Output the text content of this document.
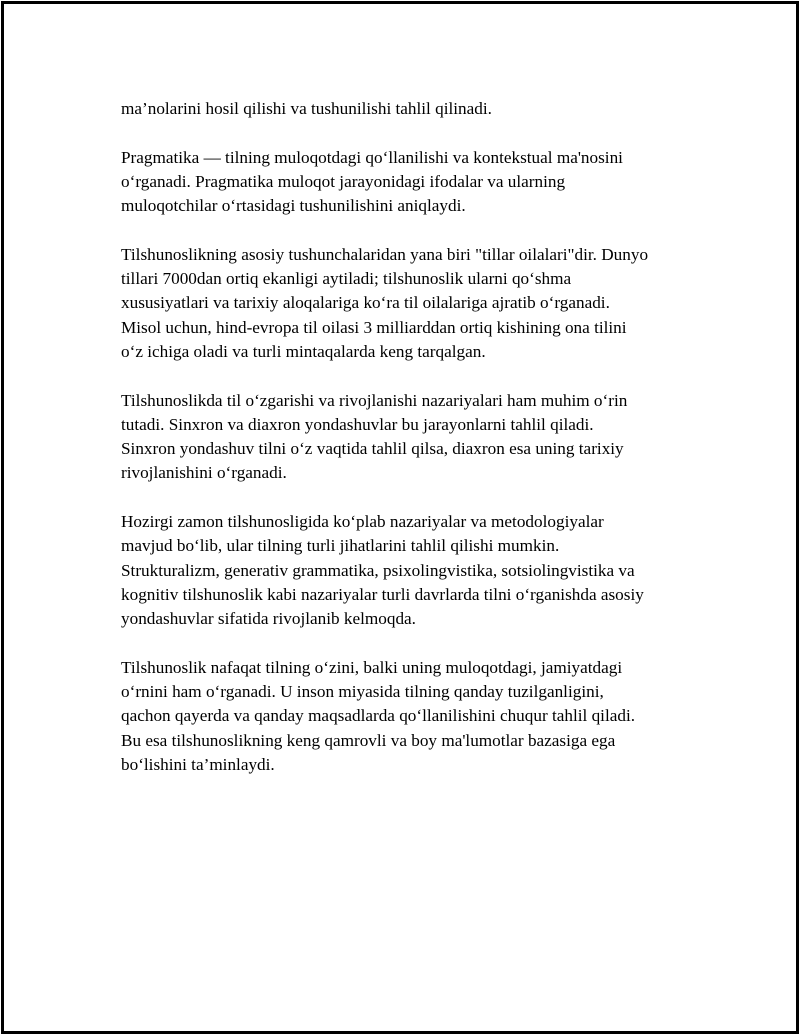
ma’nolarini hosil qilishi va tushunilishi tahlil qilinadi.

Pragmatika — tilning muloqotdagi qo‘llanilishi va kontekstual ma'nosini
o‘rganadi. Pragmatika muloqot jarayonidagi ifodalar va ularning
muloqotchilar o‘rtasidagi tushunilishini aniqlaydi.

Tilshunoslikning asosiy tushunchalaridan yana biri "tillar oilalari"dir. Dunyo
tillari 7000dan ortiq ekanligi aytiladi; tilshunoslik ularni qo‘shma
xususiyatlari va tarixiy aloqalariga ko‘ra til oilalariga ajratib o‘rganadi.
Misol uchun, hind-evropa til oilasi 3 milliarddan ortiq kishining ona tilini
o‘z ichiga oladi va turli mintaqalarda keng tarqalgan.

Tilshunoslikda til o‘zgarishi va rivojlanishi nazariyalari ham muhim o‘rin
tutadi. Sinxron va diaxron yondashuvlar bu jarayonlarni tahlil qiladi.
Sinxron yondashuv tilni o‘z vaqtida tahlil qilsa, diaxron esa uning tarixiy
rivojlanishini o‘rganadi.

Hozirgi zamon tilshunosligida ko‘plab nazariyalar va metodologiyalar
mavjud bo‘lib, ular tilning turli jihatlarini tahlil qilishi mumkin.
Strukturalizm, generativ grammatika, psixolingvistika, sotsiolingvistika va
kognitiv tilshunoslik kabi nazariyalar turli davrlarda tilni o‘rganishda asosiy
yondashuvlar sifatida rivojlanib kelmoqda.

Tilshunoslik nafaqat tilning o‘zini, balki uning muloqotdagi, jamiyatdagi
o‘rnini ham o‘rganadi. U inson miyasida tilning qanday tuzilganligini,
qachon qayerda va qanday maqsadlarda qo‘llanilishini chuqur tahlil qiladi.
Bu esa tilshunoslikning keng qamrovli va boy ma'lumotlar bazasiga ega
bo‘lishini ta’minlaydi.
